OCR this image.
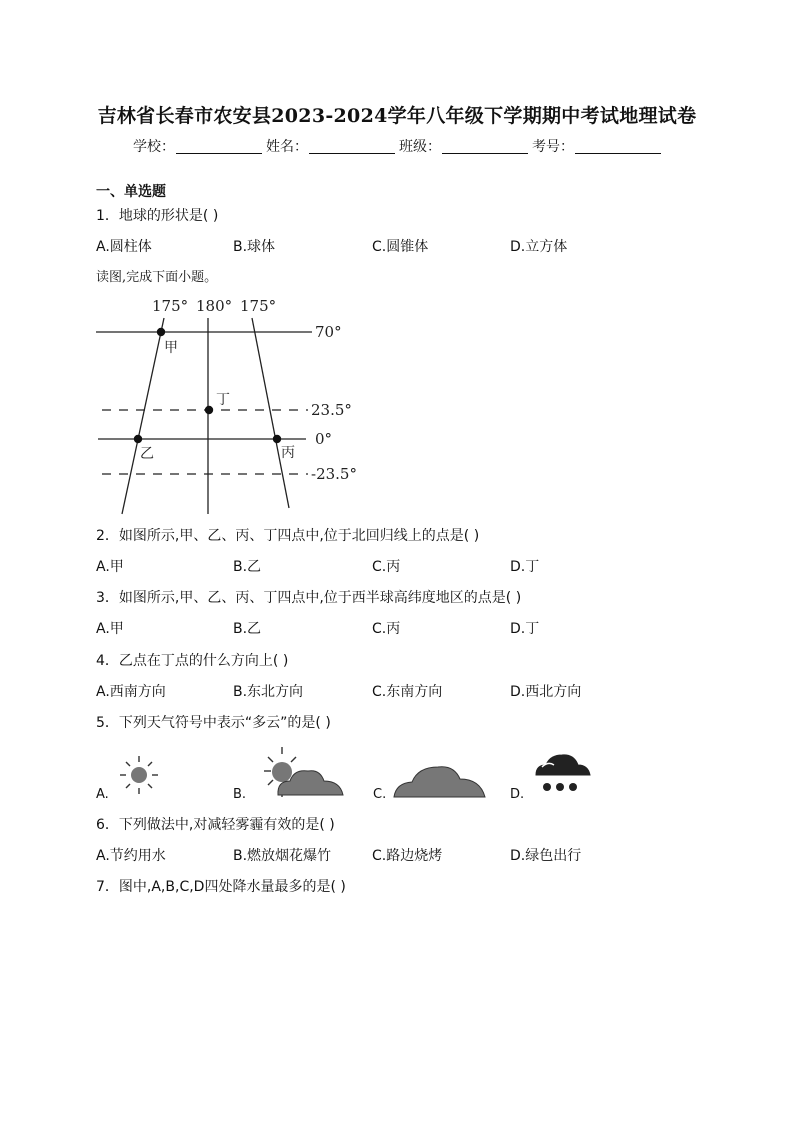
吉林省长春市农安县2023-2024学年八年级下学期期中考试地理试卷
学校：	姓名：	班级：	考号：
一、单选题
1．地球的形状是( )
A.圆柱体	B.球体	C.圆锥体	D.立方体
读图,完成下面小题。
175° 180° 175°
70°
23.5°
0°
-23.5°
甲
丁
乙	丙
2．如图所示,甲、乙、丙、丁四点中,位于北回归线上的点是( )
A.甲	B.乙	C.丙	D.丁
3．如图所示,甲、乙、丙、丁四点中,位于西半球高纬度地区的点是( )
A.甲	B.乙	C.丙	D.丁
4．乙点在丁点的什么方向上( )
A.西南方向	B.东北方向	C.东南方向	D.西北方向
5．下列天气符号中表示“多云”的是( )
A.	B.	C.	D.
6．下列做法中,对减轻雾霾有效的是( )
A.节约用水	B.燃放烟花爆竹	C.路边烧烤	D.绿色出行
7．图中,A,B,C,D四处降水量最多的是( )
